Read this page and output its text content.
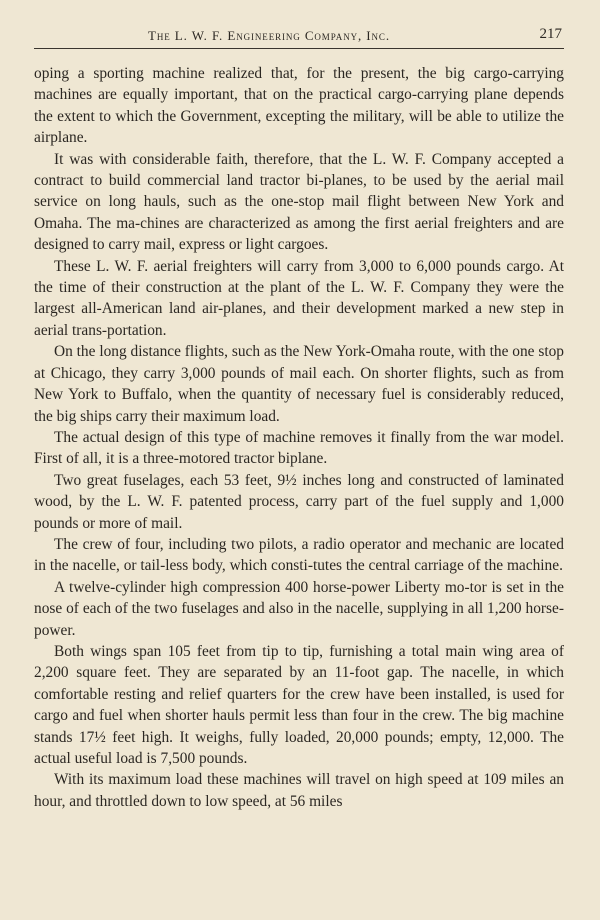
The L. W. F. Engineering Company, Inc.	217

oping a sporting machine realized that, for the present, the big cargo-carrying machines are equally important, that on the practical cargo-carrying plane depends the extent to which the Government, excepting the military, will be able to utilize the airplane.

It was with considerable faith, therefore, that the L. W. F. Company accepted a contract to build commercial land tractor bi-planes, to be used by the aerial mail service on long hauls, such as the one-stop mail flight between New York and Omaha. The ma-chines are characterized as among the first aerial freighters and are designed to carry mail, express or light cargoes.

These L. W. F. aerial freighters will carry from 3,000 to 6,000 pounds cargo. At the time of their construction at the plant of the L. W. F. Company they were the largest all-American land air-planes, and their development marked a new step in aerial trans-portation.

On the long distance flights, such as the New York-Omaha route, with the one stop at Chicago, they carry 3,000 pounds of mail each. On shorter flights, such as from New York to Buffalo, when the quantity of necessary fuel is considerably reduced, the big ships carry their maximum load.

The actual design of this type of machine removes it finally from the war model. First of all, it is a three-motored tractor biplane.

Two great fuselages, each 53 feet, 9½ inches long and constructed of laminated wood, by the L. W. F. patented process, carry part of the fuel supply and 1,000 pounds or more of mail.

The crew of four, including two pilots, a radio operator and mechanic are located in the nacelle, or tail-less body, which consti-tutes the central carriage of the machine.

A twelve-cylinder high compression 400 horse-power Liberty mo-tor is set in the nose of each of the two fuselages and also in the nacelle, supplying in all 1,200 horse-power.

Both wings span 105 feet from tip to tip, furnishing a total main wing area of 2,200 square feet. They are separated by an 11-foot gap. The nacelle, in which comfortable resting and relief quarters for the crew have been installed, is used for cargo and fuel when shorter hauls permit less than four in the crew. The big machine stands 17½ feet high. It weighs, fully loaded, 20,000 pounds; empty, 12,000. The actual useful load is 7,500 pounds.

With its maximum load these machines will travel on high speed at 109 miles an hour, and throttled down to low speed, at 56 miles
